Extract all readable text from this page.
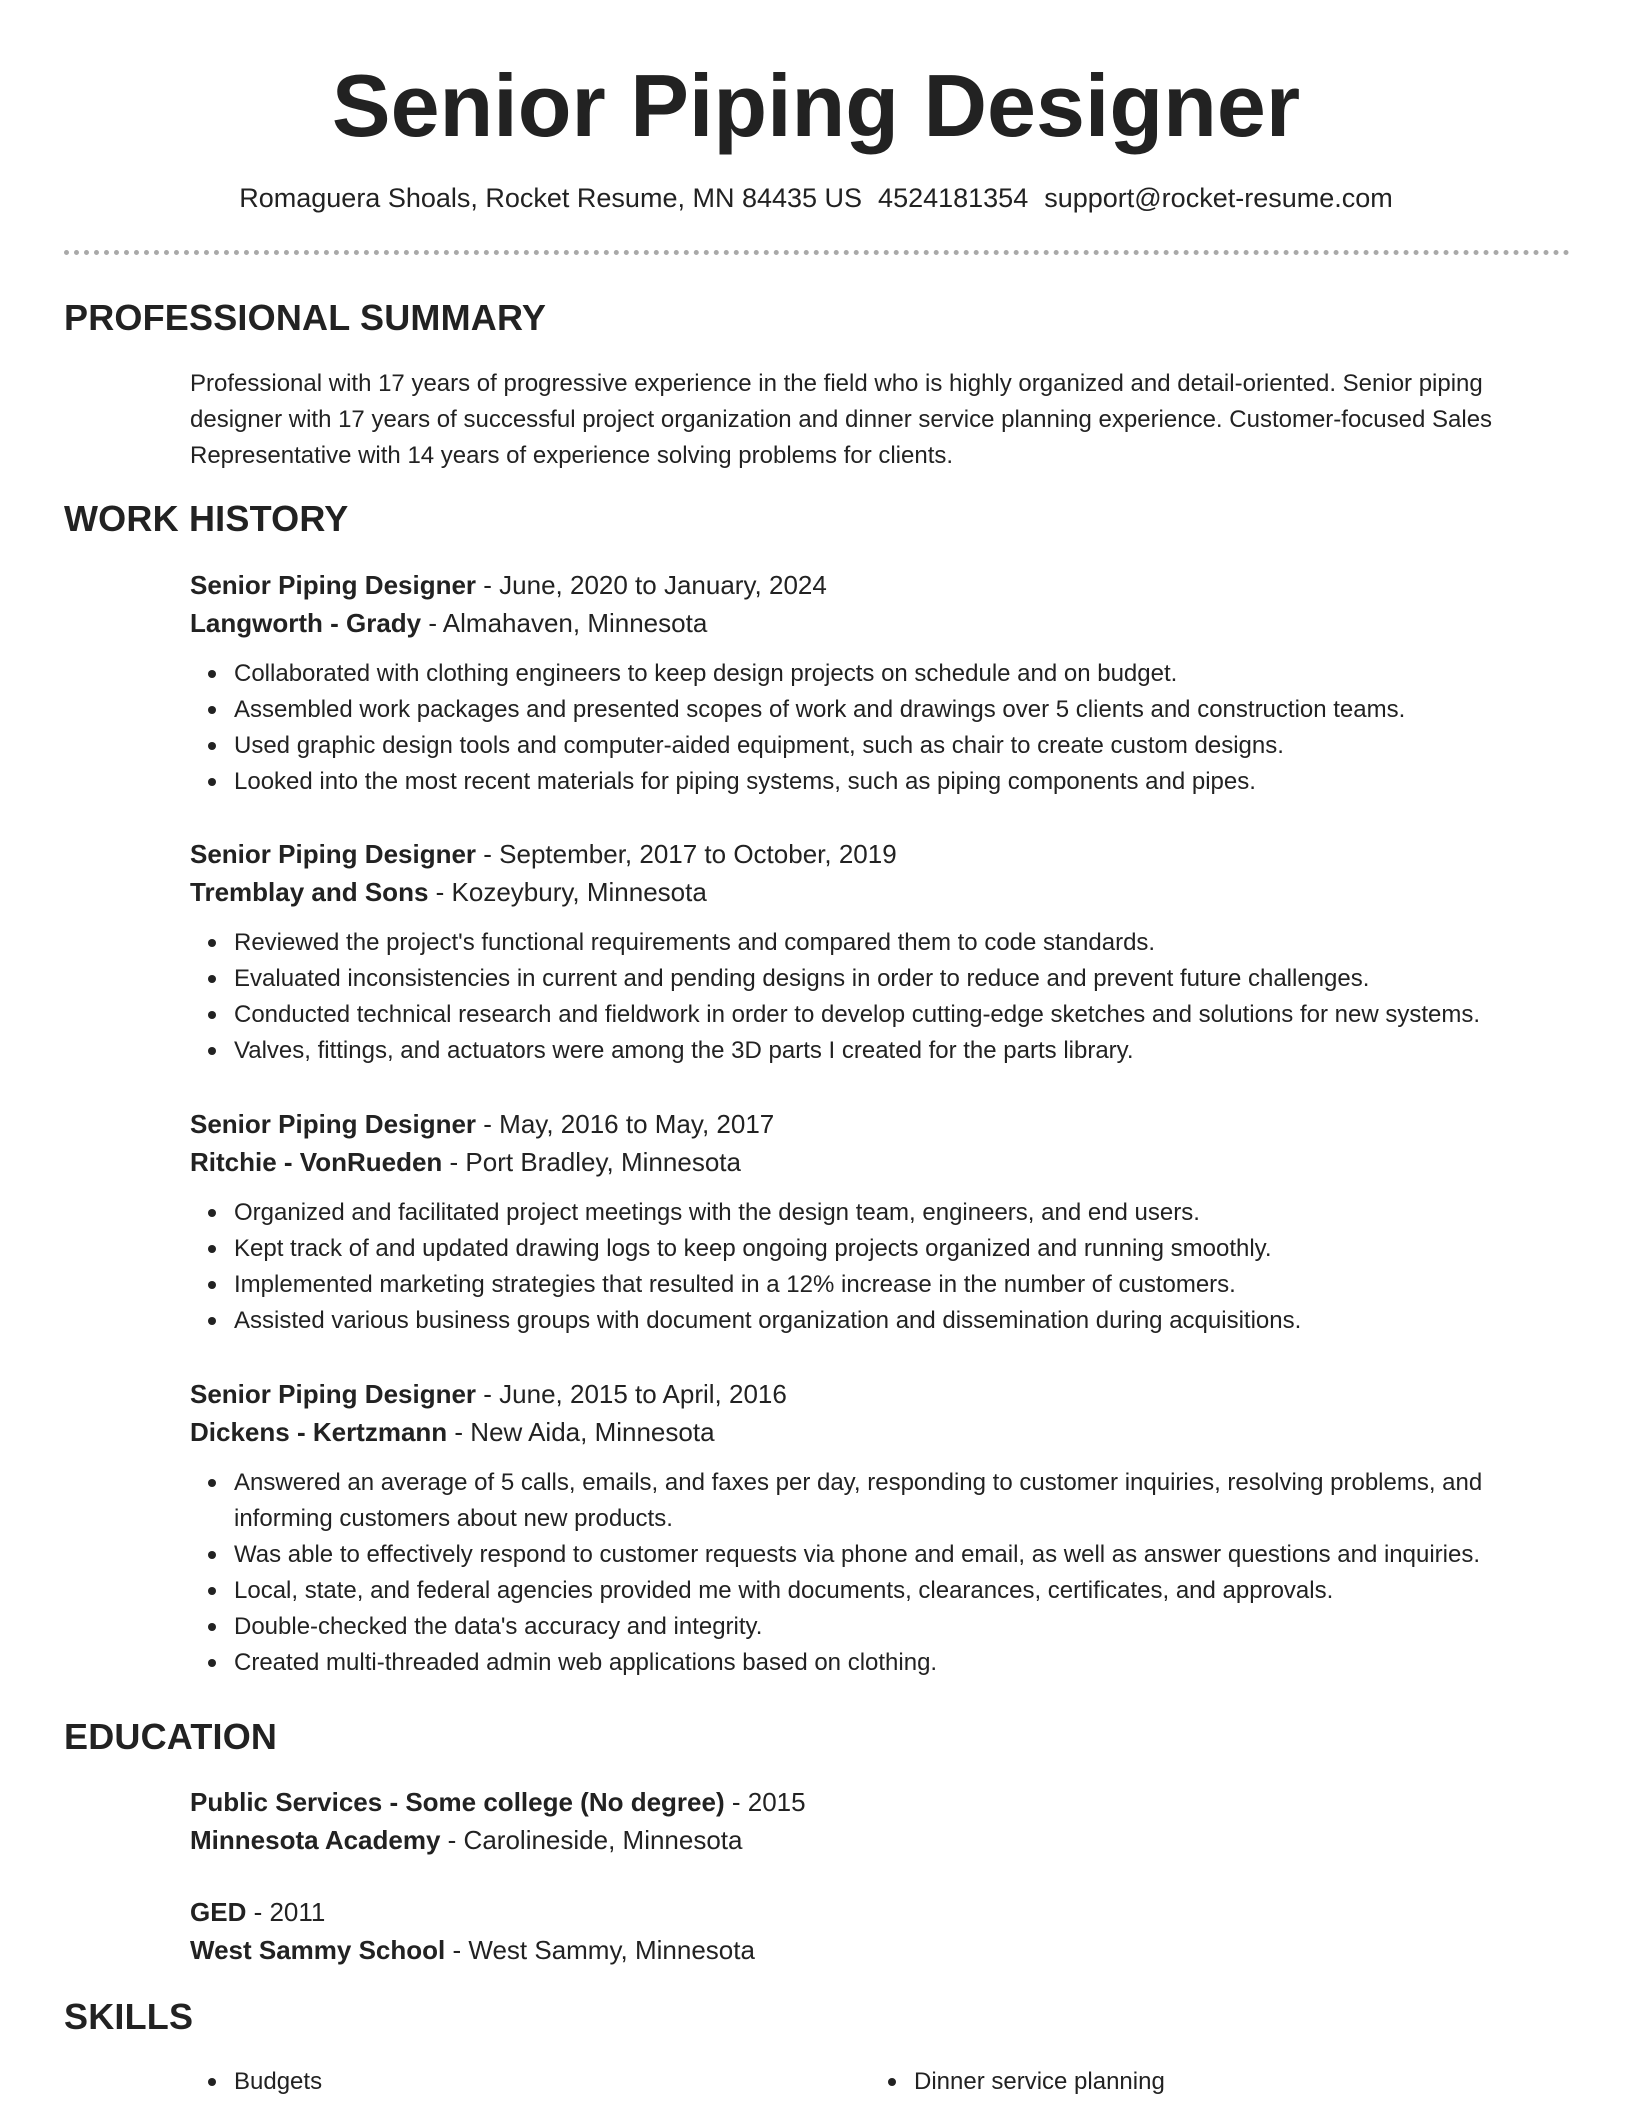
Senior Piping Designer
Romaguera Shoals, Rocket Resume, MN 84435 US 4524181354 support@rocket-resume.com
PROFESSIONAL SUMMARY
Professional with 17 years of progressive experience in the field who is highly organized and detail-oriented. Senior piping designer with 17 years of successful project organization and dinner service planning experience. Customer-focused Sales Representative with 14 years of experience solving problems for clients.
WORK HISTORY
Senior Piping Designer - June, 2020 to January, 2024
Langworth - Grady - Almahaven, Minnesota
Collaborated with clothing engineers to keep design projects on schedule and on budget.
Assembled work packages and presented scopes of work and drawings over 5 clients and construction teams.
Used graphic design tools and computer-aided equipment, such as chair to create custom designs.
Looked into the most recent materials for piping systems, such as piping components and pipes.
Senior Piping Designer - September, 2017 to October, 2019
Tremblay and Sons - Kozeybury, Minnesota
Reviewed the project's functional requirements and compared them to code standards.
Evaluated inconsistencies in current and pending designs in order to reduce and prevent future challenges.
Conducted technical research and fieldwork in order to develop cutting-edge sketches and solutions for new systems.
Valves, fittings, and actuators were among the 3D parts I created for the parts library.
Senior Piping Designer - May, 2016 to May, 2017
Ritchie - VonRueden - Port Bradley, Minnesota
Organized and facilitated project meetings with the design team, engineers, and end users.
Kept track of and updated drawing logs to keep ongoing projects organized and running smoothly.
Implemented marketing strategies that resulted in a 12% increase in the number of customers.
Assisted various business groups with document organization and dissemination during acquisitions.
Senior Piping Designer - June, 2015 to April, 2016
Dickens - Kertzmann - New Aida, Minnesota
Answered an average of 5 calls, emails, and faxes per day, responding to customer inquiries, resolving problems, and informing customers about new products.
Was able to effectively respond to customer requests via phone and email, as well as answer questions and inquiries.
Local, state, and federal agencies provided me with documents, clearances, certificates, and approvals.
Double-checked the data's accuracy and integrity.
Created multi-threaded admin web applications based on clothing.
EDUCATION
Public Services - Some college (No degree) - 2015
Minnesota Academy - Carolineside, Minnesota
GED - 2011
West Sammy School - West Sammy, Minnesota
SKILLS
Budgets	Dinner service planning
